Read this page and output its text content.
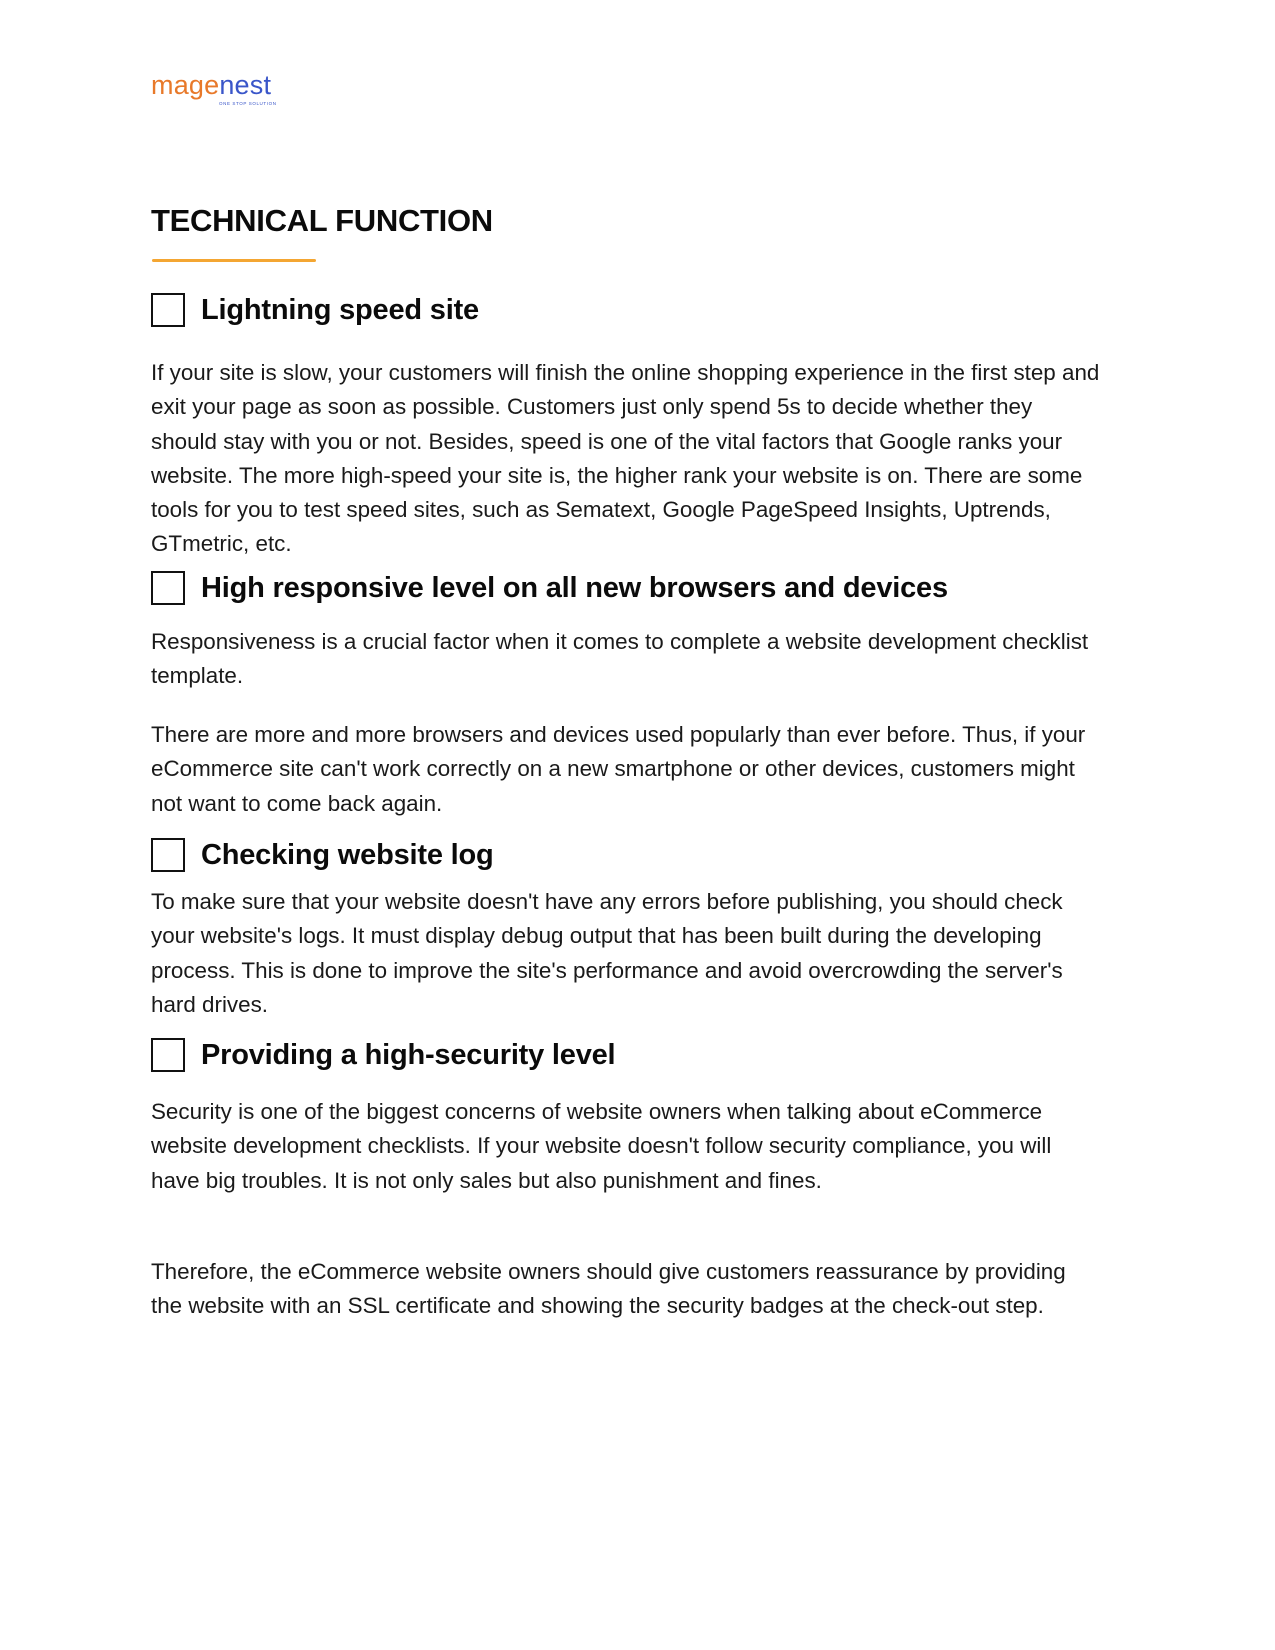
magenest
ONE STOP SOLUTION
TECHNICAL FUNCTION
Lightning speed site

If your site is slow, your customers will finish the online shopping experience in the first step and exit your page as soon as possible. Customers just only spend 5s to decide whether they should stay with you or not. Besides, speed is one of the vital factors that Google ranks your website. The more high-speed your site is, the higher rank your website is on. There are some tools for you to test speed sites, such as Sematext, Google PageSpeed Insights, Uptrends, GTmetric, etc.

High responsive level on all new browsers and devices

Responsiveness is a crucial factor when it comes to complete a website development checklist template.

There are more and more browsers and devices used popularly than ever before. Thus, if your eCommerce site can't work correctly on a new smartphone or other devices, customers might not want to come back again.

Checking website log

To make sure that your website doesn't have any errors before publishing, you should check your website's logs. It must display debug output that has been built during the developing process. This is done to improve the site's performance and avoid overcrowding the server's hard drives.

Providing a high-security level

Security is one of the biggest concerns of website owners when talking about eCommerce website development checklists. If your website doesn't follow security compliance, you will have big troubles. It is not only sales but also punishment and fines.

Therefore, the eCommerce website owners should give customers reassurance by providing the website with an SSL certificate and showing the security badges at the check-out step.
